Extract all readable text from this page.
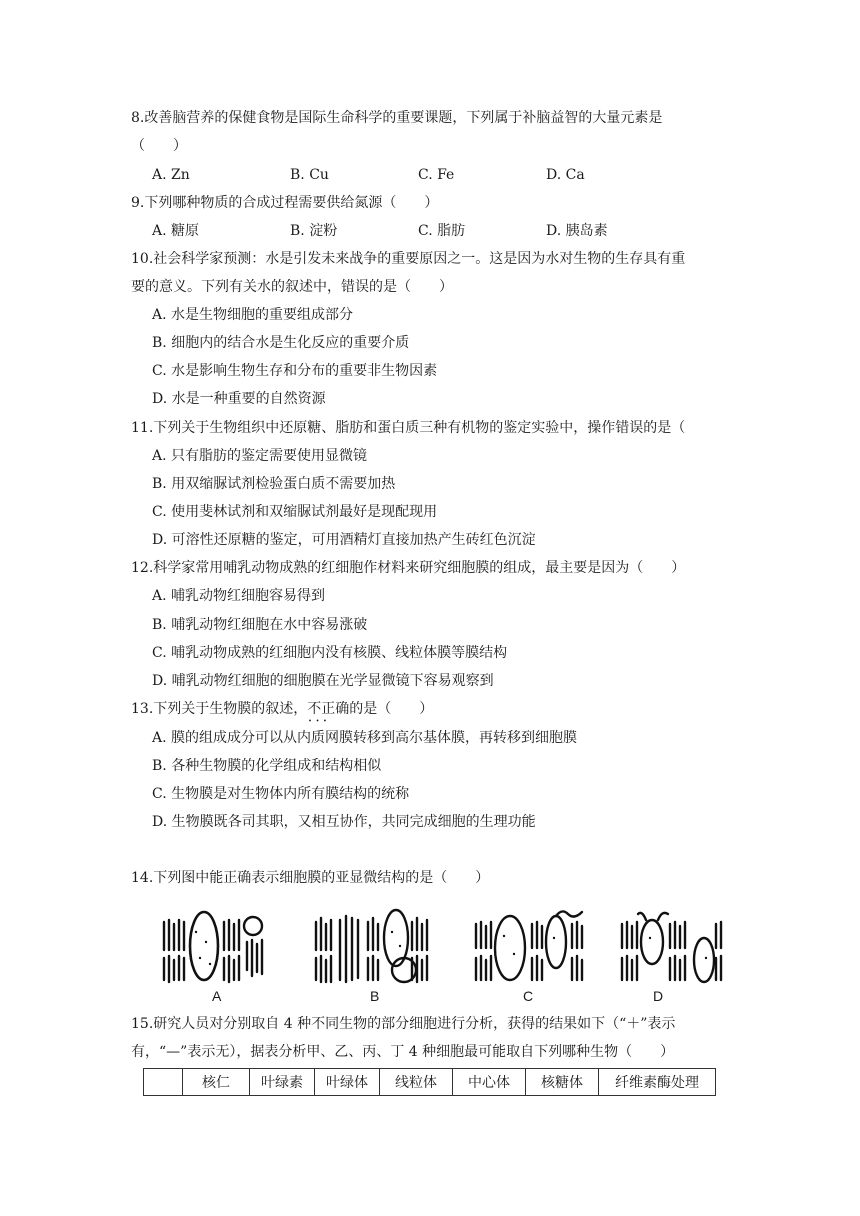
8.改善脑营养的保健食物是国际生命科学的重要课题，下列属于补脑益智的大量元素是
（　　）
A. Zn	B. Cu	C. Fe	D. Ca
9.下列哪种物质的合成过程需要供给氮源（　　）
A. 糖原	B. 淀粉	C. 脂肪	D. 胰岛素
10.社会科学家预测：水是引发未来战争的重要原因之一。这是因为水对生物的生存具有重
要的意义。下列有关水的叙述中，错误的是（　　）
A. 水是生物细胞的重要组成部分
B. 细胞内的结合水是生化反应的重要介质
C. 水是影响生物生存和分布的重要非生物因素
D. 水是一种重要的自然资源
11.下列关于生物组织中还原糖、脂肪和蛋白质三种有机物的鉴定实验中，操作错误的是（
A. 只有脂肪的鉴定需要使用显微镜
B. 用双缩脲试剂检验蛋白质不需要加热
C. 使用斐林试剂和双缩脲试剂最好是现配现用
D. 可溶性还原糖的鉴定，可用酒精灯直接加热产生砖红色沉淀
12.科学家常用哺乳动物成熟的红细胞作材料来研究细胞膜的组成，最主要是因为（　　）
A. 哺乳动物红细胞容易得到
B. 哺乳动物红细胞在水中容易涨破
C. 哺乳动物成熟的红细胞内没有核膜、线粒体膜等膜结构
D. 哺乳动物红细胞的细胞膜在光学显微镜下容易观察到
13.下列关于生物膜的叙述，不正确 • • •的是（　　）
A. 膜的组成成分可以从内质网膜转移到高尔基体膜，再转移到细胞膜
B. 各种生物膜的化学组成和结构相似
C. 生物膜是对生物体内所有膜结构的统称
D. 生物膜既各司其职，又相互协作，共同完成细胞的生理功能
14.下列图中能正确表示细胞膜的亚显微结构的是（　　）
A	B	C	D
15.研究人员对分别取自 4 种不同生物的部分细胞进行分析，获得的结果如下（“＋”表示
有，“—”表示无），据表分析甲、乙、丙、丁 4 种细胞最可能取自下列哪种生物（　　）
	核仁	叶绿素	叶绿体	线粒体	中心体	核糖体	纤维素酶处理
